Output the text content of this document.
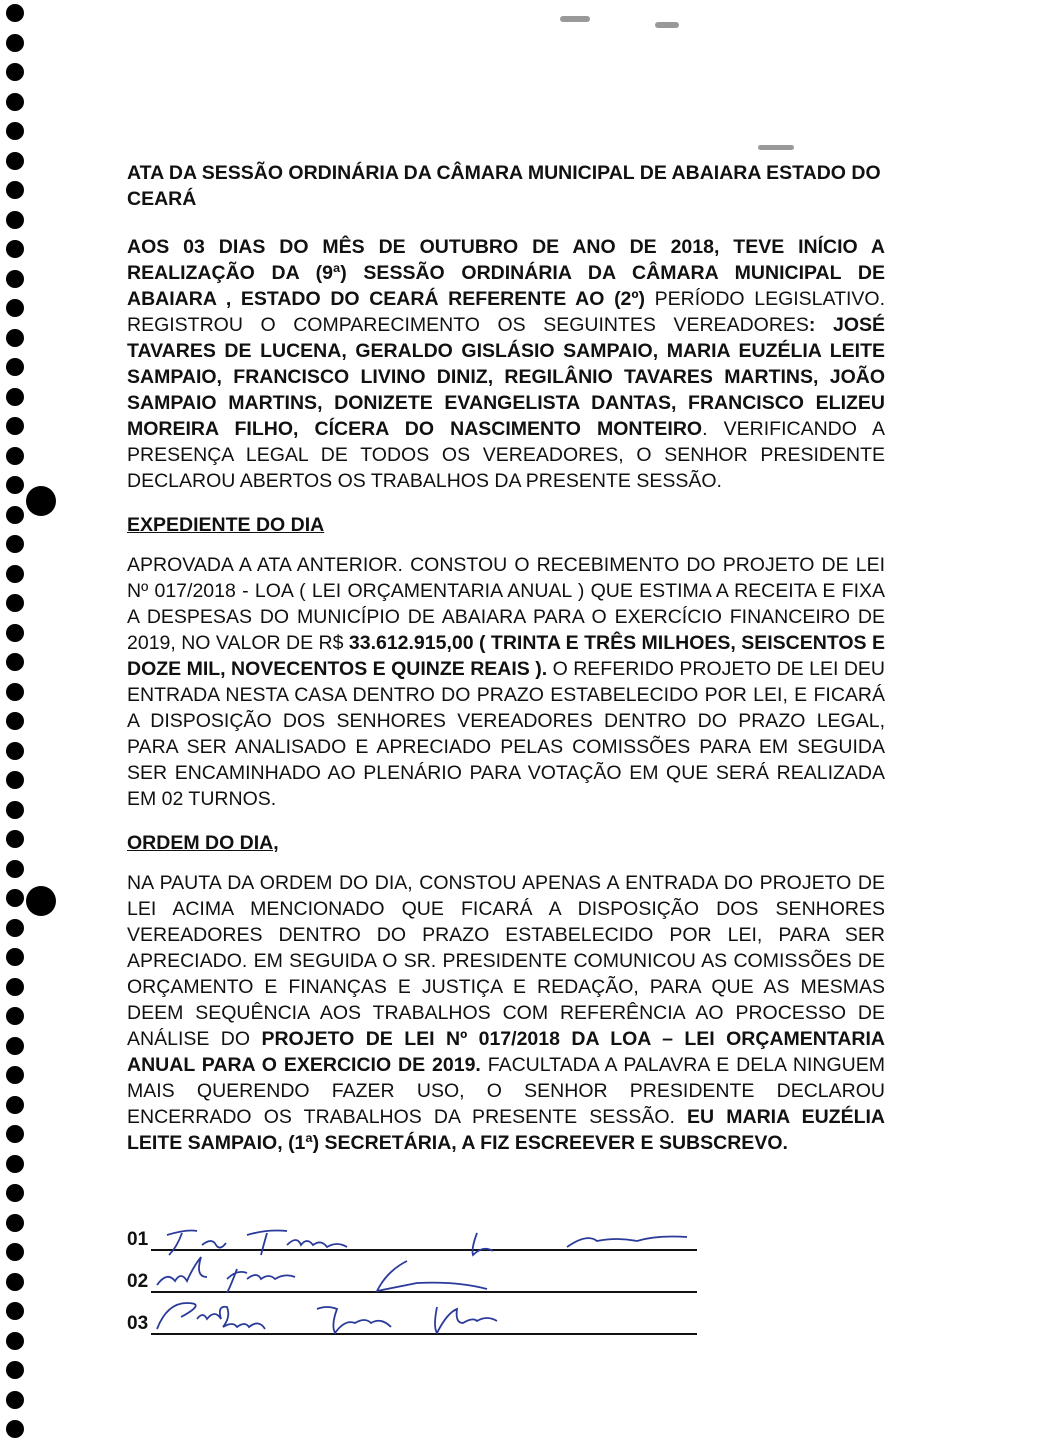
ATA DA SESSÃO ORDINÁRIA DA CÂMARA MUNICIPAL DE ABAIARA ESTADO DO CEARÁ

AOS 03 DIAS DO MÊS DE OUTUBRO DE ANO DE 2018, TEVE INÍCIO A REALIZAÇÃO DA (9ª) SESSÃO ORDINÁRIA DA CÂMARA MUNICIPAL DE ABAIARA , ESTADO DO CEARÁ REFERENTE AO (2º) PERÍODO LEGISLATIVO. REGISTROU O COMPARECIMENTO OS SEGUINTES VEREADORES: JOSÉ TAVARES DE LUCENA, GERALDO GISLÁSIO SAMPAIO, MARIA EUZÉLIA LEITE SAMPAIO, FRANCISCO LIVINO DINIZ, REGILÂNIO TAVARES MARTINS, JOÃO SAMPAIO MARTINS, DONIZETE EVANGELISTA DANTAS, FRANCISCO ELIZEU MOREIRA FILHO, CÍCERA DO NASCIMENTO MONTEIRO. VERIFICANDO A PRESENÇA LEGAL DE TODOS OS VEREADORES, O SENHOR PRESIDENTE DECLAROU ABERTOS OS TRABALHOS DA PRESENTE SESSÃO.

EXPEDIENTE DO DIA

APROVADA A ATA ANTERIOR. CONSTOU O RECEBIMENTO DO PROJETO DE LEI Nº 017/2018 - LOA ( LEI ORÇAMENTARIA ANUAL ) QUE ESTIMA A RECEITA E FIXA A DESPESAS DO MUNICÍPIO DE ABAIARA PARA O EXERCÍCIO FINANCEIRO DE 2019, NO VALOR DE R$ 33.612.915,00 ( TRINTA E TRÊS MILHOES, SEISCENTOS E DOZE MIL, NOVECENTOS E QUINZE REAIS ). O REFERIDO PROJETO DE LEI DEU ENTRADA NESTA CASA DENTRO DO PRAZO ESTABELECIDO POR LEI, E FICARÁ A DISPOSIÇÃO DOS SENHORES VEREADORES DENTRO DO PRAZO LEGAL, PARA SER ANALISADO E APRECIADO PELAS COMISSÕES PARA EM SEGUIDA SER ENCAMINHADO AO PLENÁRIO PARA VOTAÇÃO EM QUE SERÁ REALIZADA EM 02 TURNOS.

ORDEM DO DIA,

NA PAUTA DA ORDEM DO DIA, CONSTOU APENAS A ENTRADA DO PROJETO DE LEI ACIMA MENCIONADO QUE FICARÁ A DISPOSIÇÃO DOS SENHORES VEREADORES DENTRO DO PRAZO ESTABELECIDO POR LEI, PARA SER APRECIADO. EM SEGUIDA O SR. PRESIDENTE COMUNICOU AS COMISSÕES DE ORÇAMENTO E FINANÇAS E JUSTIÇA E REDAÇÃO, PARA QUE AS MESMAS DEEM SEQUÊNCIA AOS TRABALHOS COM REFERÊNCIA AO PROCESSO DE ANÁLISE DO PROJETO DE LEI Nº 017/2018 DA LOA – LEI ORÇAMENTARIA ANUAL PARA O EXERCICIO DE 2019. FACULTADA A PALAVRA E DELA NINGUEM MAIS QUERENDO FAZER USO, O SENHOR PRESIDENTE DECLAROU ENCERRADO OS TRABALHOS DA PRESENTE SESSÃO. EU MARIA EUZÉLIA LEITE SAMPAIO, (1ª) SECRETÁRIA, A FIZ ESCREEVER E SUBSCREVO.

01
02
03
